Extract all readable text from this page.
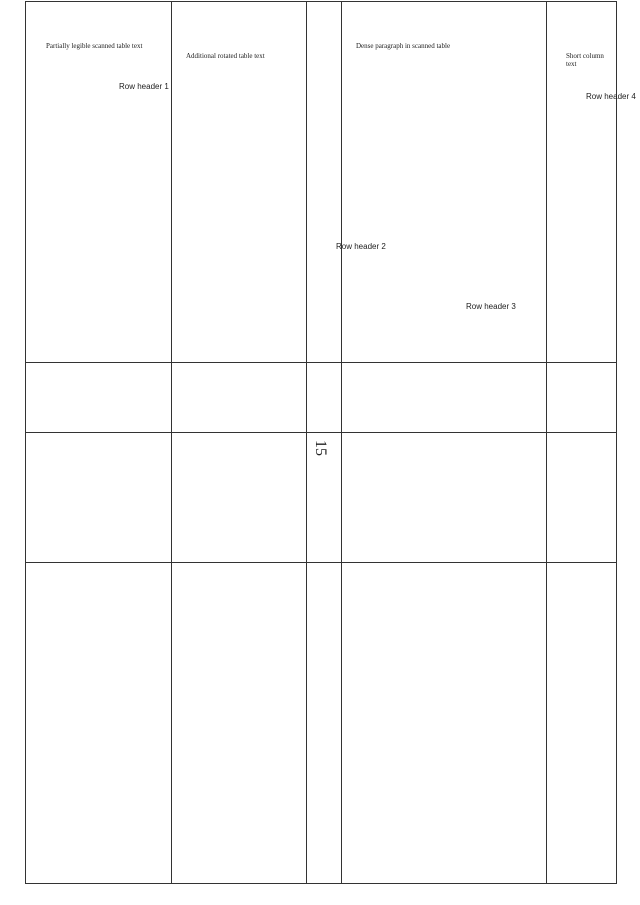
15
Row header 1
Row header 2
Row header 3
Row header 4
Partially legible scanned table text
Additional rotated table text
Dense paragraph in scanned table
Short column text
